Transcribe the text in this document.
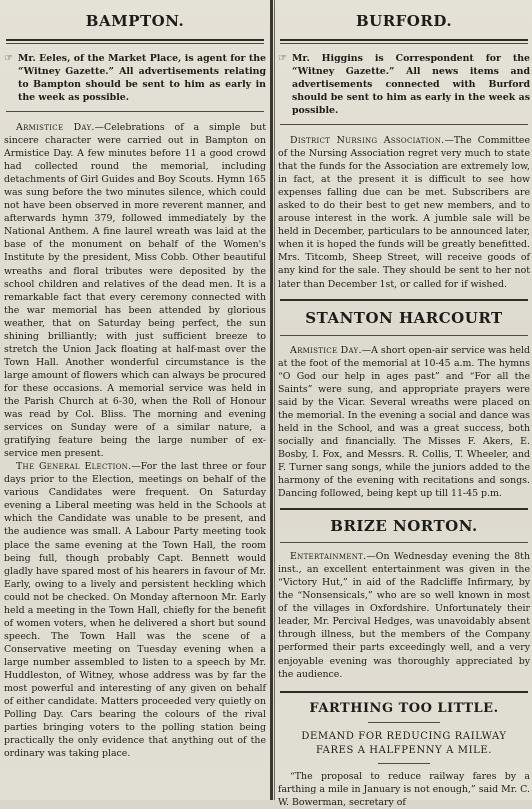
BAMPTON.
☞ Mr. Eeles, of the Market Place, is agent for the “Witney Gazette.” All advertisements relating to Bampton should be sent to him as early in the week as possible.

Armistice Day.—Celebrations of a simple but sincere character were carried out in Bampton on Armistice Day. A few minutes before 11 a good crowd had collected round the memorial, including detachments of Girl Guides and Boy Scouts. Hymn 165 was sung before the two minutes silence, which could not have been observed in more reverent manner, and afterwards hymn 379, followed immediately by the National Anthem. A fine laurel wreath was laid at the base of the monument on behalf of the Women's Institute by the president, Miss Cobb. Other beautiful wreaths and floral tributes were deposited by the school children and relatives of the dead men. It is a remarkable fact that every ceremony connected with the war memorial has been attended by glorious weather, that on Saturday being perfect, the sun shining brilliantly; with just sufficient breeze to stretch the Union Jack floating at half-mast over the Town Hall. Another wonderful circumstance is the large amount of flowers which can always be procured for these occasions. A memorial service was held in the Parish Church at 6-30, when the Roll of Honour was read by Col. Bliss. The morning and evening services on Sunday were of a similar nature, a gratifying feature being the large number of ex-service men present.

The General Election.—For the last three or four days prior to the Election, meetings on behalf of the various Candidates were frequent. On Saturday evening a Liberal meeting was held in the Schools at which the Candidate was unable to be present, and the audience was small. A Labour Party meeting took place the same evening at the Town Hall, the room being full, though probably Capt. Bennett would gladly have spared most of his hearers in favour of Mr. Early, owing to a lively and persistent heckling which could not be checked. On Monday afternoon Mr. Early held a meeting in the Town Hall, chiefly for the benefit of women voters, when he delivered a short but sound speech. The Town Hall was the scene of a Conservative meeting on Tuesday evening when a large number assembled to listen to a speech by Mr. Huddleston, of Witney, whose address was by far the most powerful and interesting of any given on behalf of either candidate. Matters proceeded very quietly on Polling Day. Cars bearing the colours of the rival parties bringing voters to the polling station being practically the only evidence that anything out of the ordinary was taking place.

BURFORD.
☞ Mr. Higgins is Correspondent for the “Witney Gazette.” All news items and advertisements connected with Burford should be sent to him as early in the week as possible.

District Nursing Association.—The Committee of the Nursing Association regret very much to state that the funds for the Association are extremely low, in fact, at the present it is difficult to see how expenses falling due can be met. Subscribers are asked to do their best to get new members, and to arouse interest in the work. A jumble sale will be held in December, particulars to be announced later, when it is hoped the funds will be greatly benefitted. Mrs. Titcomb, Sheep Street, will receive goods of any kind for the sale. They should be sent to her not later than December 1st, or called for if wished.

STANTON HARCOURT

Armistice Day.—A short open-air service was held at the foot of the memorial at 10-45 a.m. The hymns “O God our help in ages past” and “For all the Saints” were sung, and appropriate prayers were said by the Vicar. Several wreaths were placed on the memorial. In the evening a social and dance was held in the School, and was a great success, both socially and financially. The Misses F. Akers, E. Bosby, I. Fox, and Messrs. R. Collis, T. Wheeler, and F. Turner sang songs, while the juniors added to the harmony of the evening with recitations and songs. Dancing followed, being kept up till 11-45 p.m.

BRIZE NORTON.

Entertainment.—On Wednesday evening the 8th inst., an excellent entertainment was given in the “Victory Hut,” in aid of the Radcliffe Infirmary, by the “Nonsensicals,” who are so well known in most of the villages in Oxfordshire. Unfortunately their leader, Mr. Percival Hedges, was unavoidably absent through illness, but the members of the Company performed their parts exceedingly well, and a very enjoyable evening was thoroughly appreciated by the audience.

FARTHING TOO LITTLE.

DEMAND FOR REDUCING RAILWAY

FARES A HALFPENNY A MILE.

“The proposal to reduce railway fares by a farthing a mile in January is not enough,” said Mr. C. W. Bowerman, secretary of
